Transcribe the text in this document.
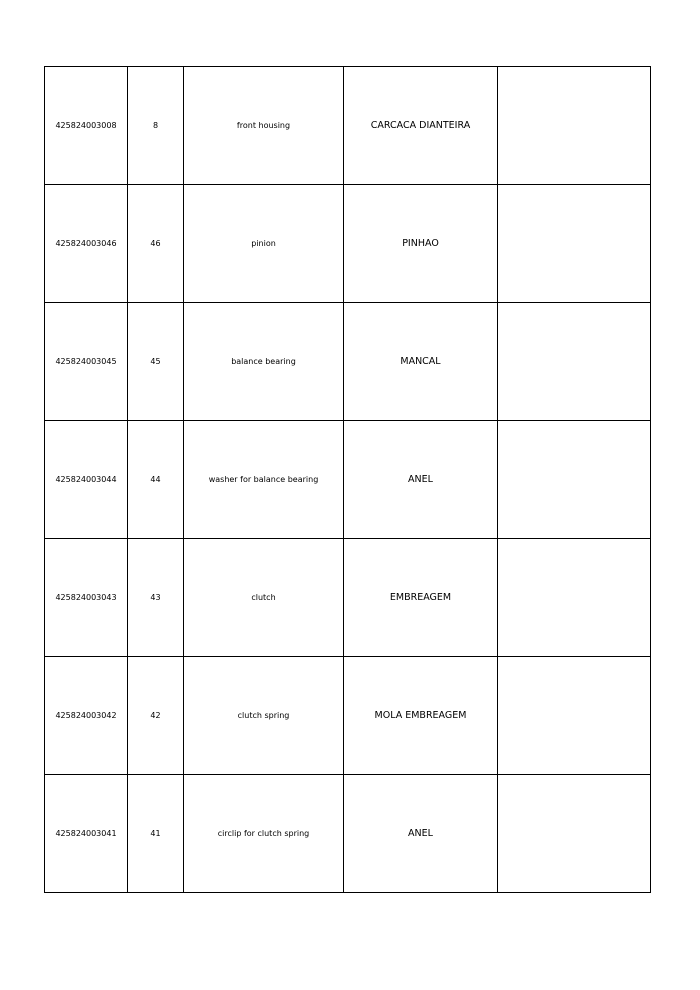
425824003008	8	front housing	CARCACA DIANTEIRA	
425824003046	46	pinion	PINHAO	
425824003045	45	balance bearing	MANCAL	
425824003044	44	washer for balance bearing	ANEL	
425824003043	43	clutch	EMBREAGEM	
425824003042	42	clutch spring	MOLA EMBREAGEM	
425824003041	41	circlip for clutch spring	ANEL	
